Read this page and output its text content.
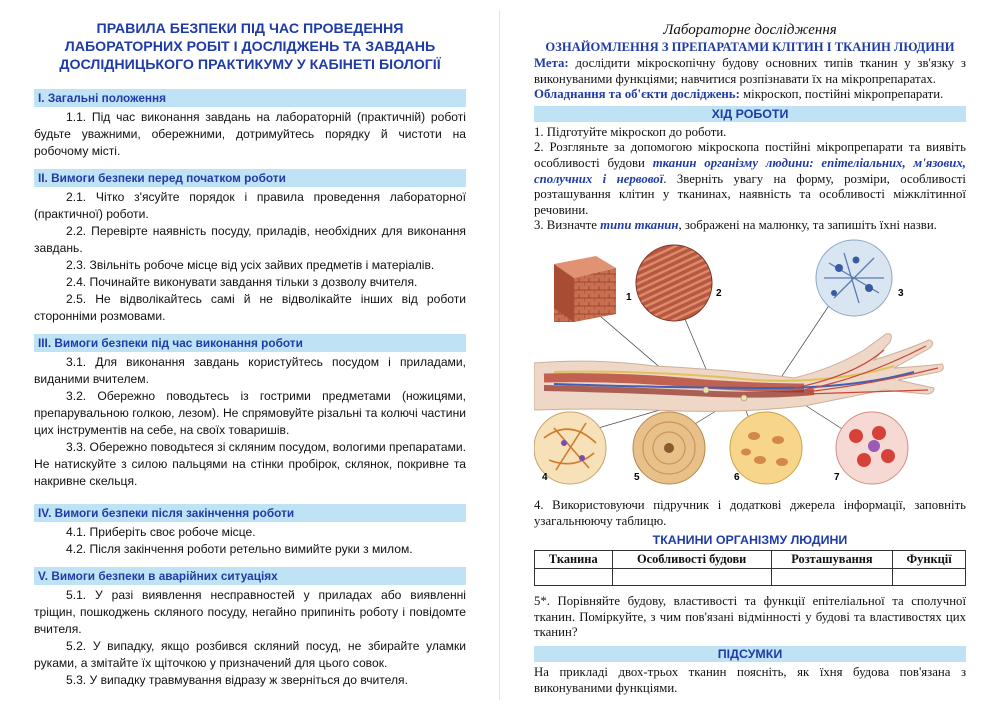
ПРАВИЛА БЕЗПЕКИ ПІД ЧАС ПРОВЕДЕННЯ
ЛАБОРАТОРНИХ РОБІТ І ДОСЛІДЖЕНЬ ТА ЗАВДАНЬ
ДОСЛІДНИЦЬКОГО ПРАКТИКУМУ У КАБІНЕТІ БІОЛОГІЇ
І. Загальні положення

1.1. Під час виконання завдань на лабораторній (практичній) роботі будьте уважними, обережними, дотримуйтесь порядку й чистоти на робочому місті.

ІІ. Вимоги безпеки перед початком роботи

2.1. Чітко з'ясуйте порядок і правила проведення лабораторної (практичної) роботи.

2.2. Перевірте наявність посуду, приладів, необхідних для виконання завдань.

2.3. Звільніть робоче місце від усіх зайвих предметів і матеріалів.

2.4. Починайте виконувати завдання тільки з дозволу вчителя.

2.5. Не відволікайтесь самі й не відволікайте інших від роботи сторонніми розмовами.

ІІІ. Вимоги безпеки під час виконання роботи

3.1. Для виконання завдань користуйтесь посудом і приладами, виданими вчителем.

3.2. Обережно поводьтесь із гострими предметами (ножицями, препарувальною голкою, лезом). Не спрямовуйте різальні та колючі частини цих інструментів на себе, на своїх товаришів.

3.3. Обережно поводьтеся зі скляним посудом, вологими препаратами. Не натискуйте з силою пальцями на стінки пробірок, склянок, покривне та накривне скельця.

ІV. Вимоги безпеки після закінчення роботи

4.1. Приберіть своє робоче місце.

4.2. Після закінчення роботи ретельно вимийте руки з милом.

V. Вимоги безпеки в аварійних ситуаціях

5.1. У разі виявлення несправностей у приладах або виявленні тріщин, пошкоджень скляного посуду, негайно припиніть роботу і повідомте вчителя.

5.2. У випадку, якщо розбився скляний посуд, не збирайте уламки руками, а змітайте їх щіточкою у призначений для цього совок.

5.3. У випадку травмування відразу ж зверніться до вчителя.

Лабораторне дослідження
ОЗНАЙОМЛЕННЯ З ПРЕПАРАТАМИ КЛІТИН І ТКАНИН ЛЮДИНИ

Мета: дослідити мікроскопічну будову основних типів тканин у зв'язку з виконуваними функціями; навчитися розпізнавати їх на мікропрепаратах.

Обладнання та об'єкти досліджень: мікроскоп, постійні мікропрепарати.

ХІД РОБОТИ

1. Підготуйте мікроскоп до роботи.

2. Розгляньте за допомогою мікроскопа постійні мікропрепарати та виявіть особливості будови тканин організму людини: епітеліальних, м'язових, сполучних і нервової. Зверніть увагу на форму, розміри, особливості розташування клітин у тканинах, наявність та особливості міжклітинної речовини.

3. Визначте типи тканин, зображені на малюнку, та запишіть їхні назви.

1	2	3
4	5	6	7

4. Використовуючи підручник і додаткові джерела інформації, заповніть узагальнюючу таблицю.

ТКАНИНИ ОРГАНІЗМУ ЛЮДИНИ
Тканина	Особливості будови	Розташування	Функції

5*. Порівняйте будову, властивості та функції епітеліальної та сполучної тканин. Поміркуйте, з чим пов'язані відмінності у будові та властивостях цих тканин?

ПІДСУМКИ

На прикладі двох-трьох тканин поясніть, як їхня будова пов'язана з виконуваними функціями.
